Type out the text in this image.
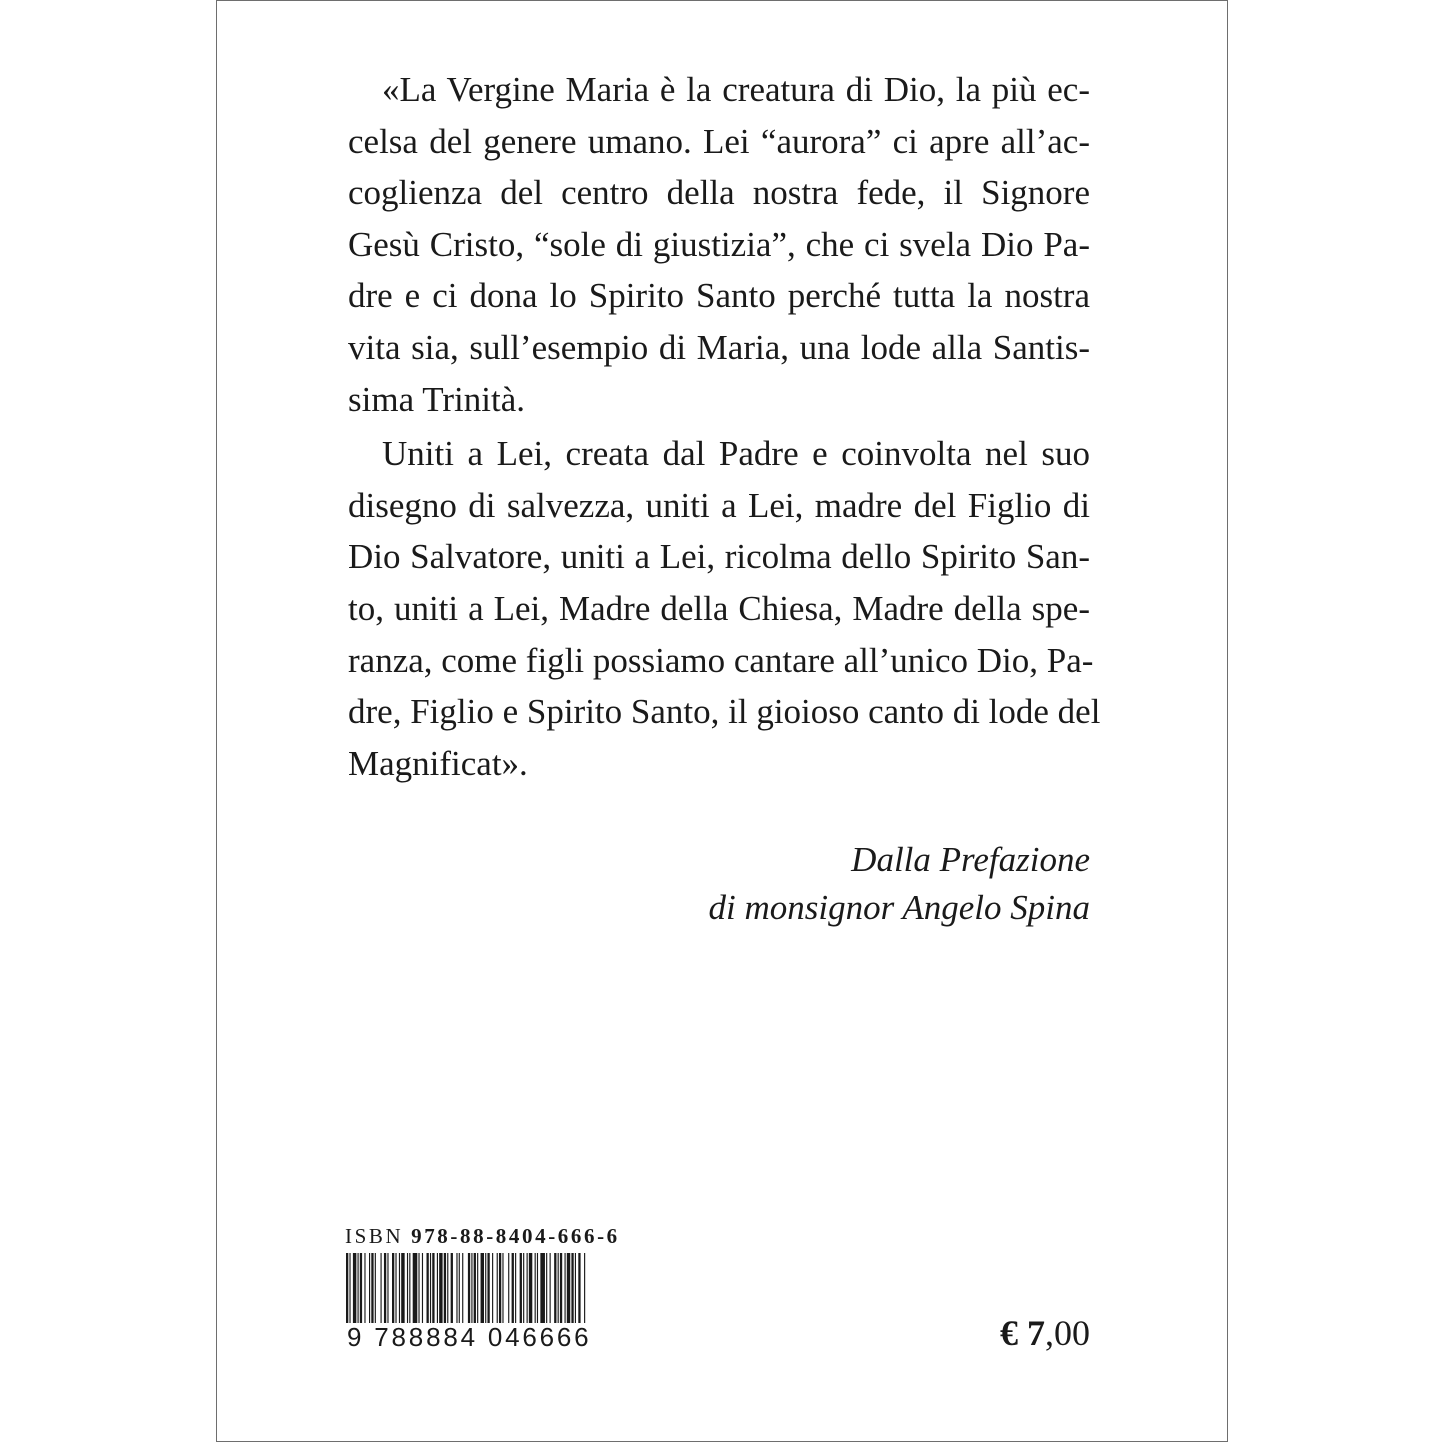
«La Vergine Maria è la creatura di Dio, la più ec-
celsa del genere umano. Lei “aurora” ci apre all’ac-
coglienza del centro della nostra fede, il Signore
Gesù Cristo, “sole di giustizia”, che ci svela Dio Pa-
dre e ci dona lo Spirito Santo perché tutta la nostra
vita sia, sull’esempio di Maria, una lode alla Santis-
sima Trinità.
Uniti a Lei, creata dal Padre e coinvolta nel suo
disegno di salvezza, uniti a Lei, madre del Figlio di
Dio Salvatore, uniti a Lei, ricolma dello Spirito San-
to, uniti a Lei, Madre della Chiesa, Madre della spe-
ranza, come figli possiamo cantare all’unico Dio, Pa-
dre, Figlio e Spirito Santo, il gioioso canto di lode del
Magnificat».
Dalla Prefazione
di monsignor Angelo Spina
ISBN 978-88-8404-666-6
9 788884 046666	€ 7,00
